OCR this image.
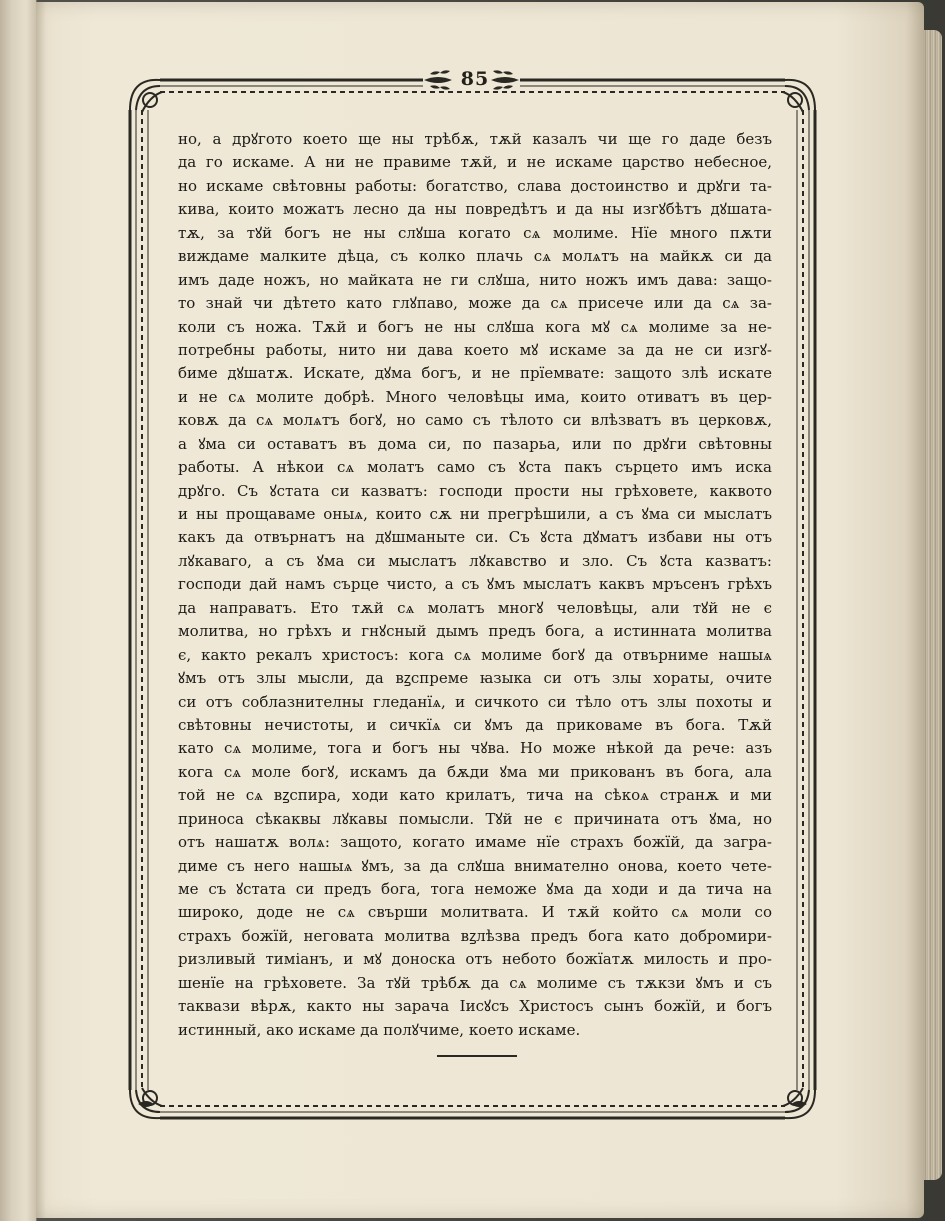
85
но, а дрꙋгото което ще ны трѣбѫ, тѫй казалъ чи ще го даде безъ
да го искаме. А ни не правиме тѫй, и не искаме царство небесное,
но искаме свѣтовны работы: богатство, слава достоинство и дрꙋги та-
кива, които можатъ лесно да ны повредѣтъ и да ны изгꙋбѣтъ дꙋшата-
тѫ, за тꙋй богъ не ны слꙋша когато сѧ молиме. Нїе много пѫти
виждаме малките дѣца, съ колко плачь сѧ молѧтъ на майкѫ си да
имъ даде ножъ, но майката не ги слꙋша, нито ножъ имъ дава: защо-
то знай чи дѣтето като глꙋпаво, може да сѧ присече или да сѧ за-
коли съ ножа. Тѫй и богъ не ны слꙋша кога мꙋ сѧ молиме за не-
потребны работы, нито ни дава което мꙋ искаме за да не си изгꙋ-
биме дꙋшатѫ. Искате, дꙋма богъ, и не прїемвате: защото злѣ искате
и не сѧ молите добрѣ. Много человѣцы има, които отиватъ въ цер-
ковѫ да сѧ молѧтъ богꙋ, но само съ тѣлото си влѣзватъ въ церковѫ,
а ꙋма си оставатъ въ дома си, по пазарьа, или по дрꙋги свѣтовны
работы. А нѣкои сѧ молатъ само съ ꙋста пакъ сърцето имъ иска
дрꙋго. Съ ꙋстата си казватъ: господи прости ны грѣховете, каквото
и ны прощаваме оныѧ, които сѫ ни прегрѣшили, а съ ꙋма си мыслатъ
какъ да отвърнатъ на дꙋшманыте си. Съ ꙋста дꙋматъ избави ны отъ
лꙋкаваго, а съ ꙋма си мыслатъ лꙋкавство и зло. Съ ꙋста казватъ:
господи дай намъ сърце чисто, а съ ꙋмъ мыслатъ каквъ мръсенъ грѣхъ
да направатъ. Ето тѫй сѧ молатъ многꙋ человѣцы, али тꙋй не є
молитва, но грѣхъ и гнꙋсный дымъ предъ бога, а истинната молитва
є, както рекалъ христосъ: кога сѧ молиме богꙋ да отвърниме нашыѧ
ꙋмъ отъ злы мысли, да вꙁспреме ꙗзыка си отъ злы хораты, очите
си отъ соблазнителны гледанїѧ, и сичкото си тѣло отъ злы похоты и
свѣтовны нечистоты, и сичкїѧ си ꙋмъ да приковаме въ бога. Тѫй
като сѧ молиме, тога и богъ ны чꙋва. Но може нѣкой да рече: азъ
кога сѧ моле богꙋ, искамъ да бѫди ꙋма ми прикованъ въ бога, ала
той не сѧ вꙁспира, ходи като крилатъ, тича на сѣкоѧ странѫ и ми
приноса сѣкаквы лꙋкавы помысли. Тꙋй не є причината отъ ꙋма, но
отъ нашатѫ волѧ: защото, когато имаме нїе страхъ божїй, да загра-
диме съ него нашыѧ ꙋмъ, за да слꙋша внимателно онова, което чете-
ме съ ꙋстата си предъ бога, тога неможе ꙋма да ходи и да тича на
широко, доде не сѧ свърши молитвата. И тѫй който сѧ моли со
страхъ божїй, неговата молитва вꙁлѣзва предъ бога като добромири-
ризливый тиміанъ, и мꙋ доноска отъ небото божїатѫ милость и про-
шенїе на грѣховете. За тꙋй трѣбѫ да сѧ молиме съ тѫкзи ꙋмъ и съ
таквази вѣрѫ, както ны зарача Іисꙋсъ Христосъ сынъ божїй, и богъ
истинный, ако искаме да полꙋчиме, което искаме.
